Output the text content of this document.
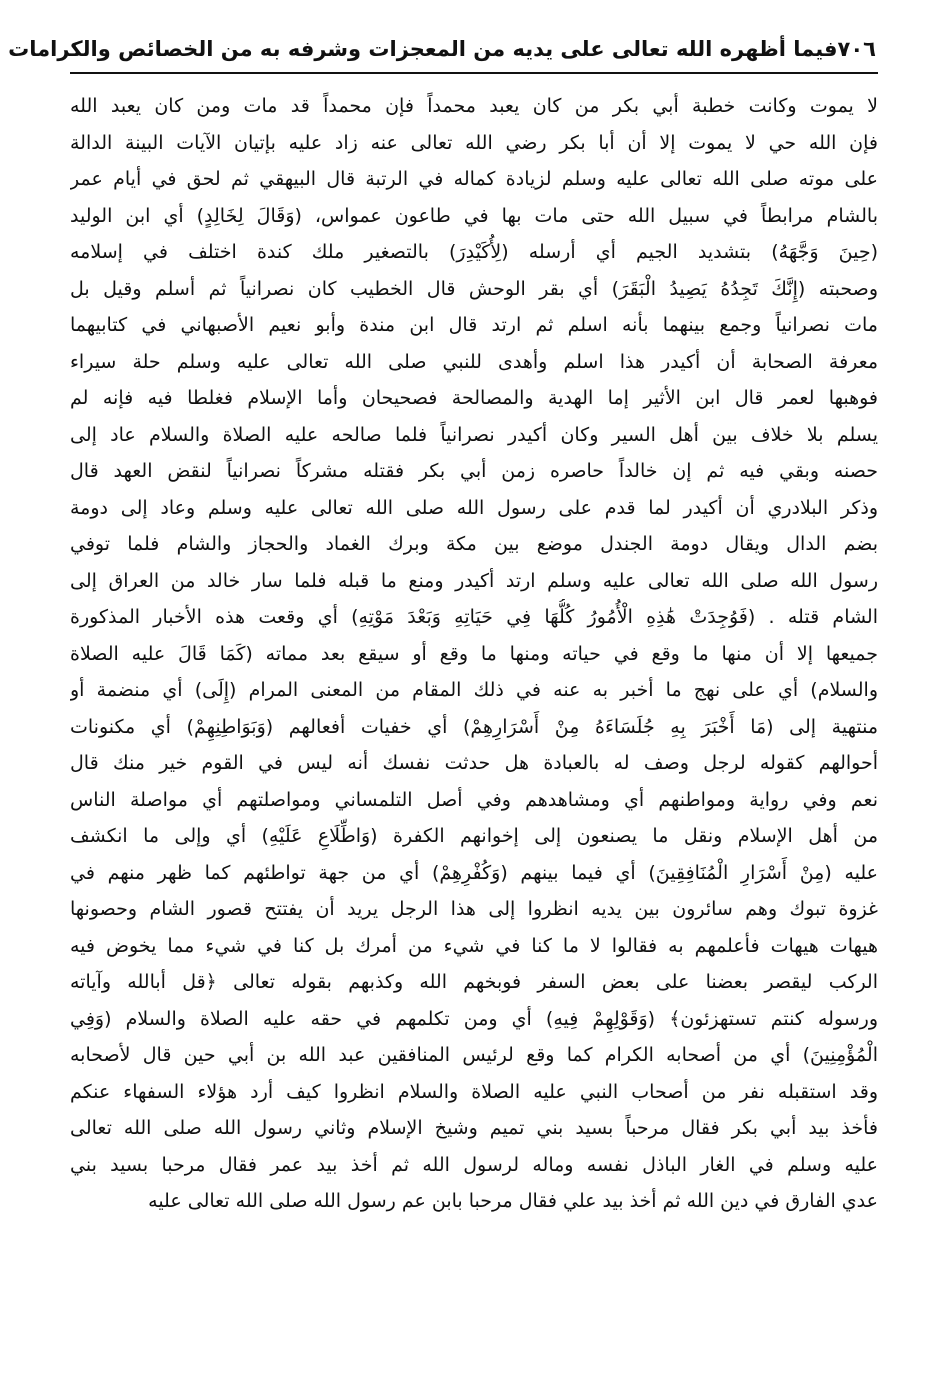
٧٠٦
فيما أظهره الله تعالى على يديه من المعجزات وشرفه به من الخصائص والكرامات
لا يموت وكانت خطبة أبي بكر من كان يعبد محمداً فإن محمداً قد مات ومن كان يعبد الله
فإن الله حي لا يموت إلا أن أبا بكر رضي الله تعالى عنه زاد عليه بإتيان الآيات البينة الدالة
على موته صلى الله تعالى عليه وسلم لزيادة كماله في الرتبة قال البيهقي ثم لحق في أيام عمر
بالشام مرابطاً في سبيل الله حتى مات بها في طاعون عمواس، (وَقَالَ لِخَالِدٍ) أي ابن الوليد
(حِينَ وَجَّهَهُ) بتشديد الجيم أي أرسله (لِأُكَيْدِرَ) بالتصغير ملك كندة اختلف في إسلامه
وصحبته (إِنَّكَ تَجِدُهُ يَصِيدُ الْبَقَرَ) أي بقر الوحش قال الخطيب كان نصرانياً ثم أسلم وقيل بل
مات نصرانياً وجمع بينهما بأنه اسلم ثم ارتد قال ابن مندة وأبو نعيم الأصبهاني في كتابيهما
معرفة الصحابة أن أكيدر هذا اسلم وأهدى للنبي صلى الله تعالى عليه وسلم حلة سيراء
فوهبها لعمر قال ابن الأثير إما الهدية والمصالحة فصحيحان وأما الإسلام فغلطا فيه فإنه لم
يسلم بلا خلاف بين أهل السير وكان أكيدر نصرانياً فلما صالحه عليه الصلاة والسلام عاد إلى
حصنه وبقي فيه ثم إن خالداً حاصره زمن أبي بكر فقتله مشركاً نصرانياً لنقض العهد قال
وذكر البلادري أن أكيدر لما قدم على رسول الله صلى الله تعالى عليه وسلم وعاد إلى دومة
بضم الدال ويقال دومة الجندل موضع بين مكة وبرك الغماد والحجاز والشام فلما توفي
رسول الله صلى الله تعالى عليه وسلم ارتد أكيدر ومنع ما قبله فلما سار خالد من العراق إلى
الشام قتله . (فَوُجِدَتْ هَٰذِهِ الْأُمُورُ كُلُّهَا فِي حَيَاتِهِ وَبَعْدَ مَوْتِهِ) أي وقعت هذه الأخبار المذكورة
جميعها إلا أن منها ما وقع في حياته ومنها ما وقع أو سيقع بعد مماته (كَمَا قَالَ عليه الصلاة
والسلام) أي على نهج ما أخبر به عنه في ذلك المقام من المعنى المرام (إِلَى) أي منضمة أو
منتهية إلى (مَا أَخْبَرَ بِهِ جُلَسَاءَهُ مِنْ أَسْرَارِهِمْ) أي خفيات أفعالهم (وَبَوَاطِنِهِمْ) أي مكنونات
أحوالهم كقوله لرجل وصف له بالعبادة هل حدثت نفسك أنه ليس في القوم خير منك قال
نعم وفي رواية ومواطنهم أي ومشاهدهم وفي أصل التلمساني ومواصلتهم أي مواصلة الناس
من أهل الإسلام ونقل ما يصنعون إلى إخوانهم الكفرة (وَاطِّلَاعِ عَلَيْهِ) أي وإلى ما انكشف
عليه (مِنْ أَسْرَارِ الْمُنَافِقِينَ) أي فيما بينهم (وَكُفْرِهِمْ) أي من جهة تواطئهم كما ظهر منهم في
غزوة تبوك وهم سائرون بين يديه انظروا إلى هذا الرجل يريد أن يفتتح قصور الشام وحصونها
هيهات هيهات فأعلمهم به فقالوا لا ما كنا في شيء من أمرك بل كنا في شيء مما يخوض فيه
الركب ليقصر بعضنا على بعض السفر فوبخهم الله وكذبهم بقوله تعالى ﴿قل أبالله وآياته
ورسوله كنتم تستهزئون﴾ (وَقَوْلِهِمْ فِيهِ) أي ومن تكلمهم في حقه عليه الصلاة والسلام (وَفِي
الْمُؤْمِنِينَ) أي من أصحابه الكرام كما وقع لرئيس المنافقين عبد الله بن أبي حين قال لأصحابه
وقد استقبله نفر من أصحاب النبي عليه الصلاة والسلام انظروا كيف أرد هؤلاء السفهاء عنكم
فأخذ بيد أبي بكر فقال مرحباً بسيد بني تميم وشيخ الإسلام وثاني رسول الله صلى الله تعالى
عليه وسلم في الغار الباذل نفسه وماله لرسول الله ثم أخذ بيد عمر فقال مرحبا بسيد بني
عدي الفارق في دين الله ثم أخذ بيد علي فقال مرحبا بابن عم رسول الله صلى الله تعالى عليه
